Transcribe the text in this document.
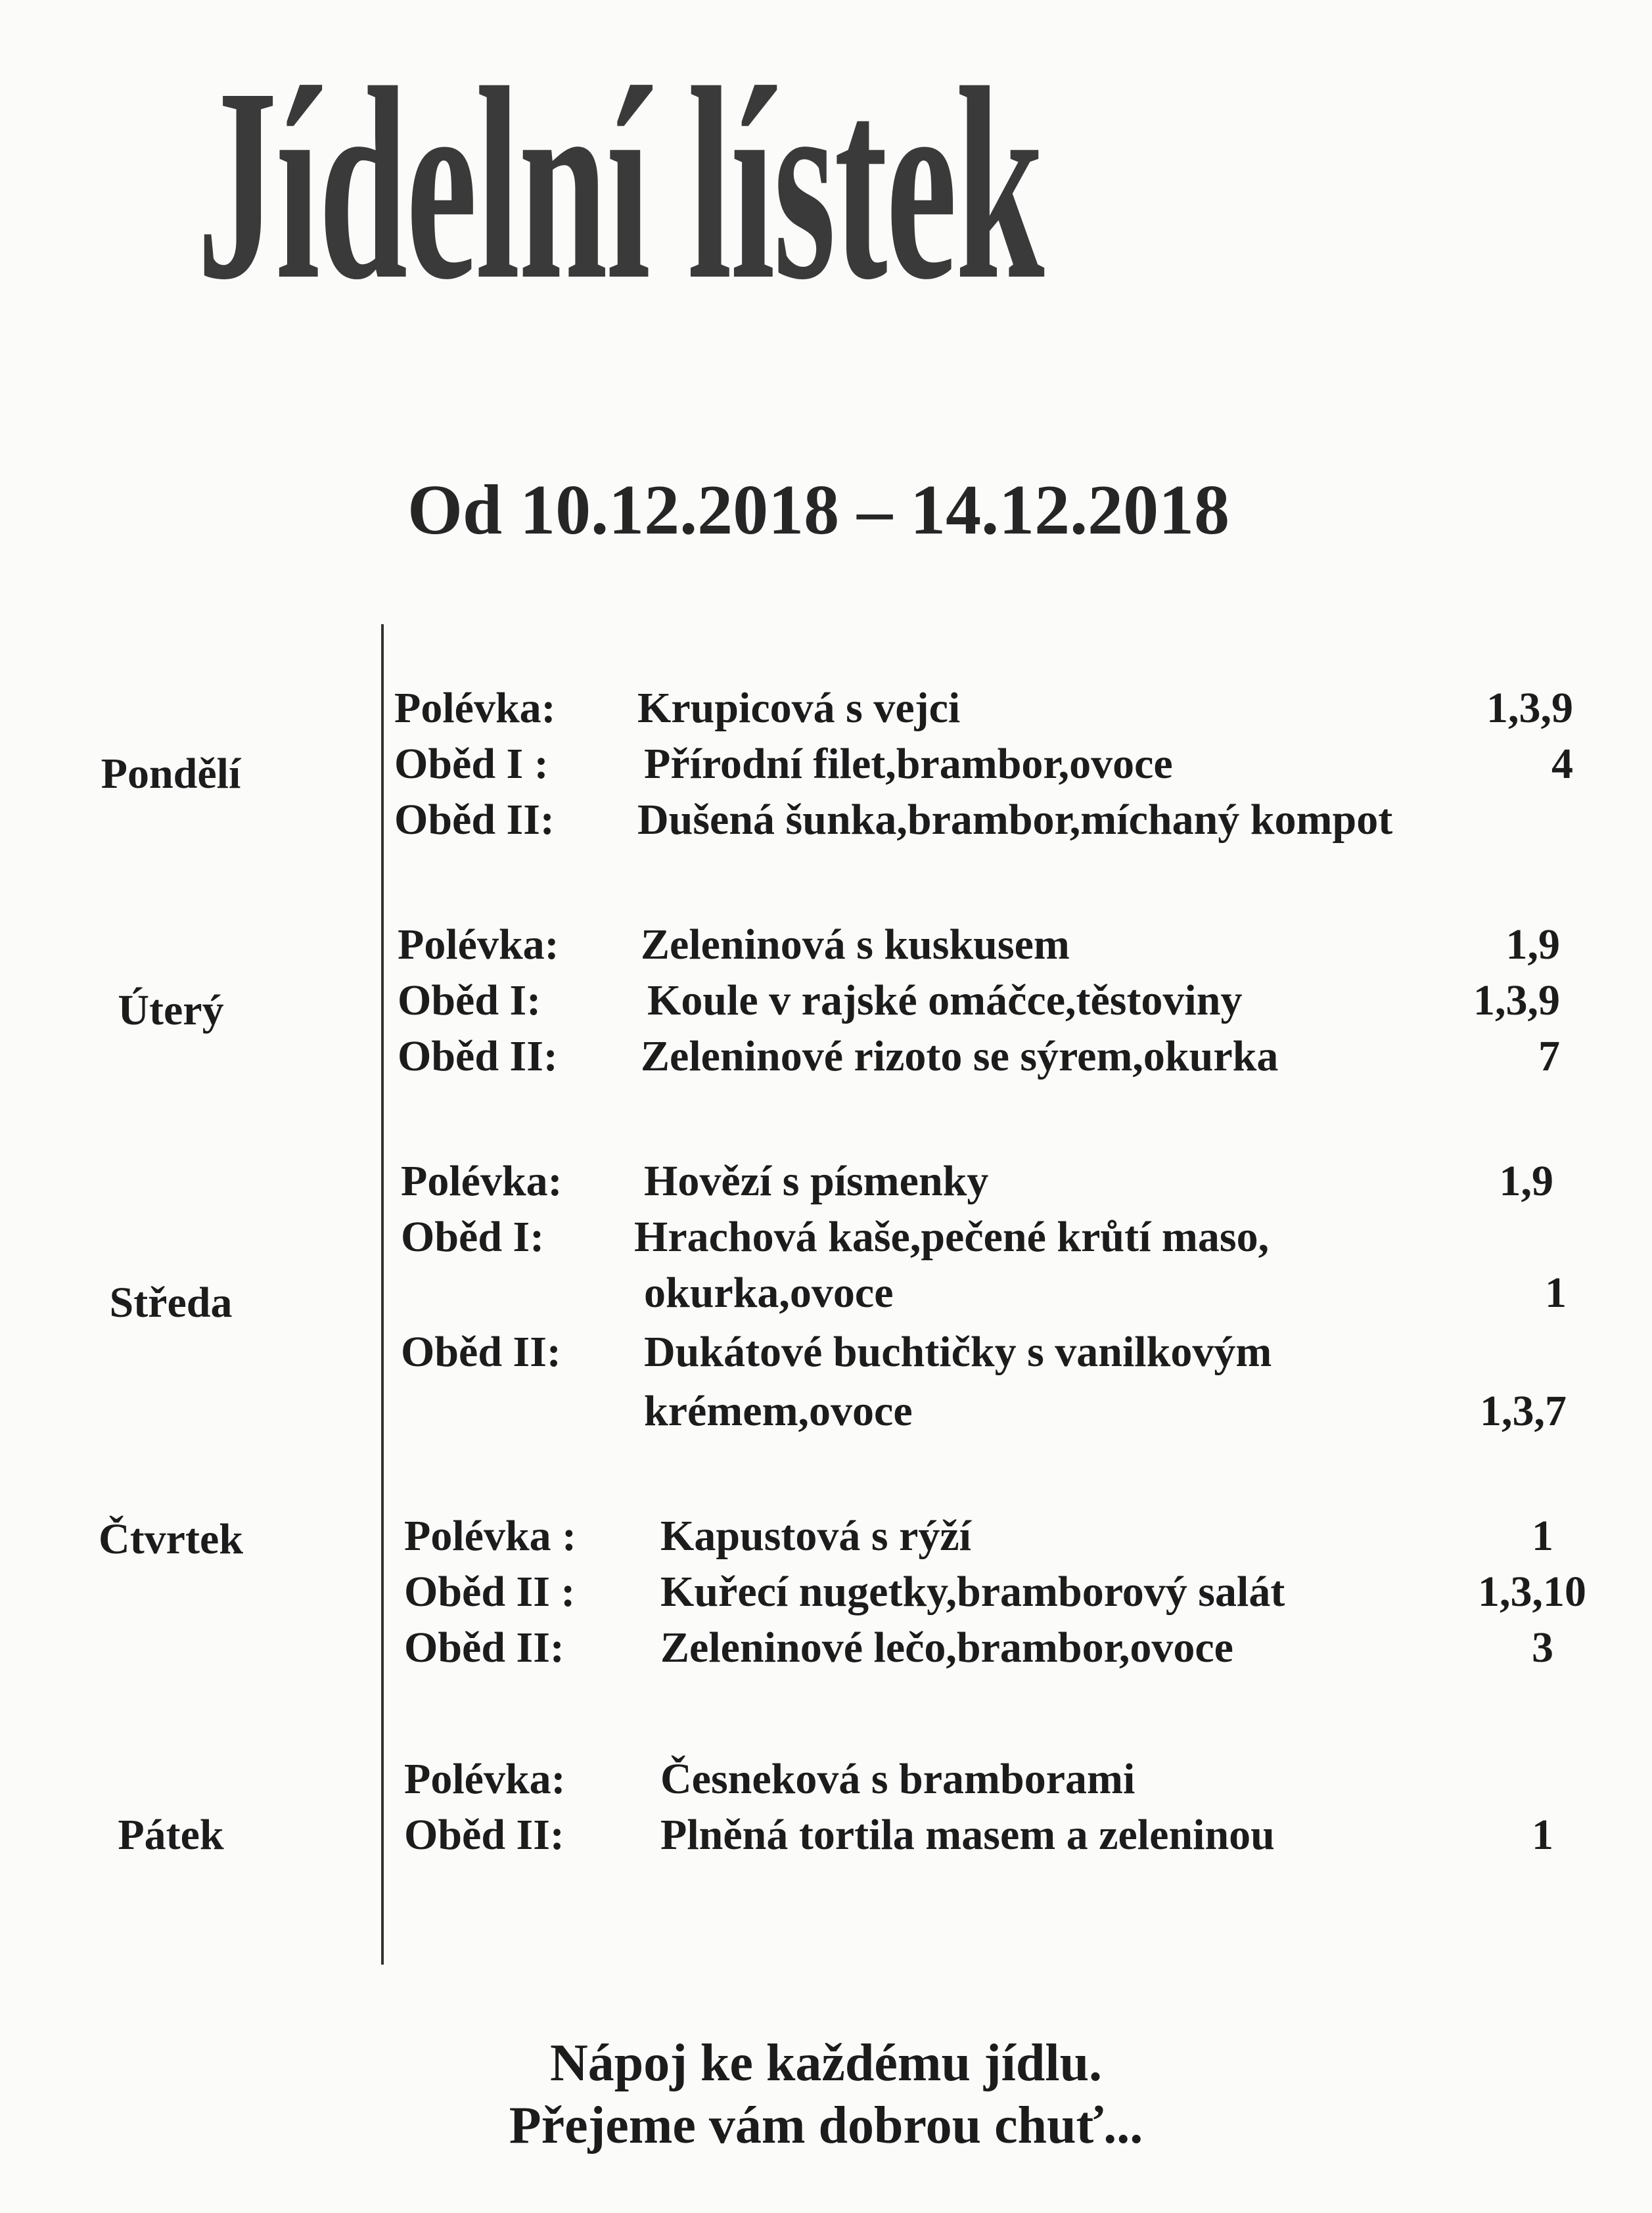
Jídelní lístek
Od 10.12.2018 – 14.12.2018
Pondělí
Polévka: Krupicová s vejci	1,3,9
Oběd I : Přírodní filet,brambor,ovoce	4
Oběd II: Dušená šunka,brambor,míchaný kompot
Úterý
Polévka: Zeleninová s kuskusem	1,9
Oběd I: Koule v rajské omáčce,těstoviny	1,3,9
Oběd II: Zeleninové rizoto se sýrem,okurka	7
Středa
Polévka: Hovězí s písmenky	1,9
Oběd I: Hrachová kaše,pečené krůtí maso,
okurka,ovoce	1
Oběd II: Dukátové buchtičky s vanilkovým
krémem,ovoce	1,3,7
Čtvrtek	Polévka : Kapustová s rýží	1
Oběd II : Kuřecí nugetky,bramborový salát	1,3,10
Oběd II: Zeleninové lečo,brambor,ovoce	3
Pátek
Polévka: Česneková s bramborami
Oběd II: Plněná tortila masem a zeleninou	1
Nápoj ke každému jídlu.
Přejeme vám dobrou chuť...
